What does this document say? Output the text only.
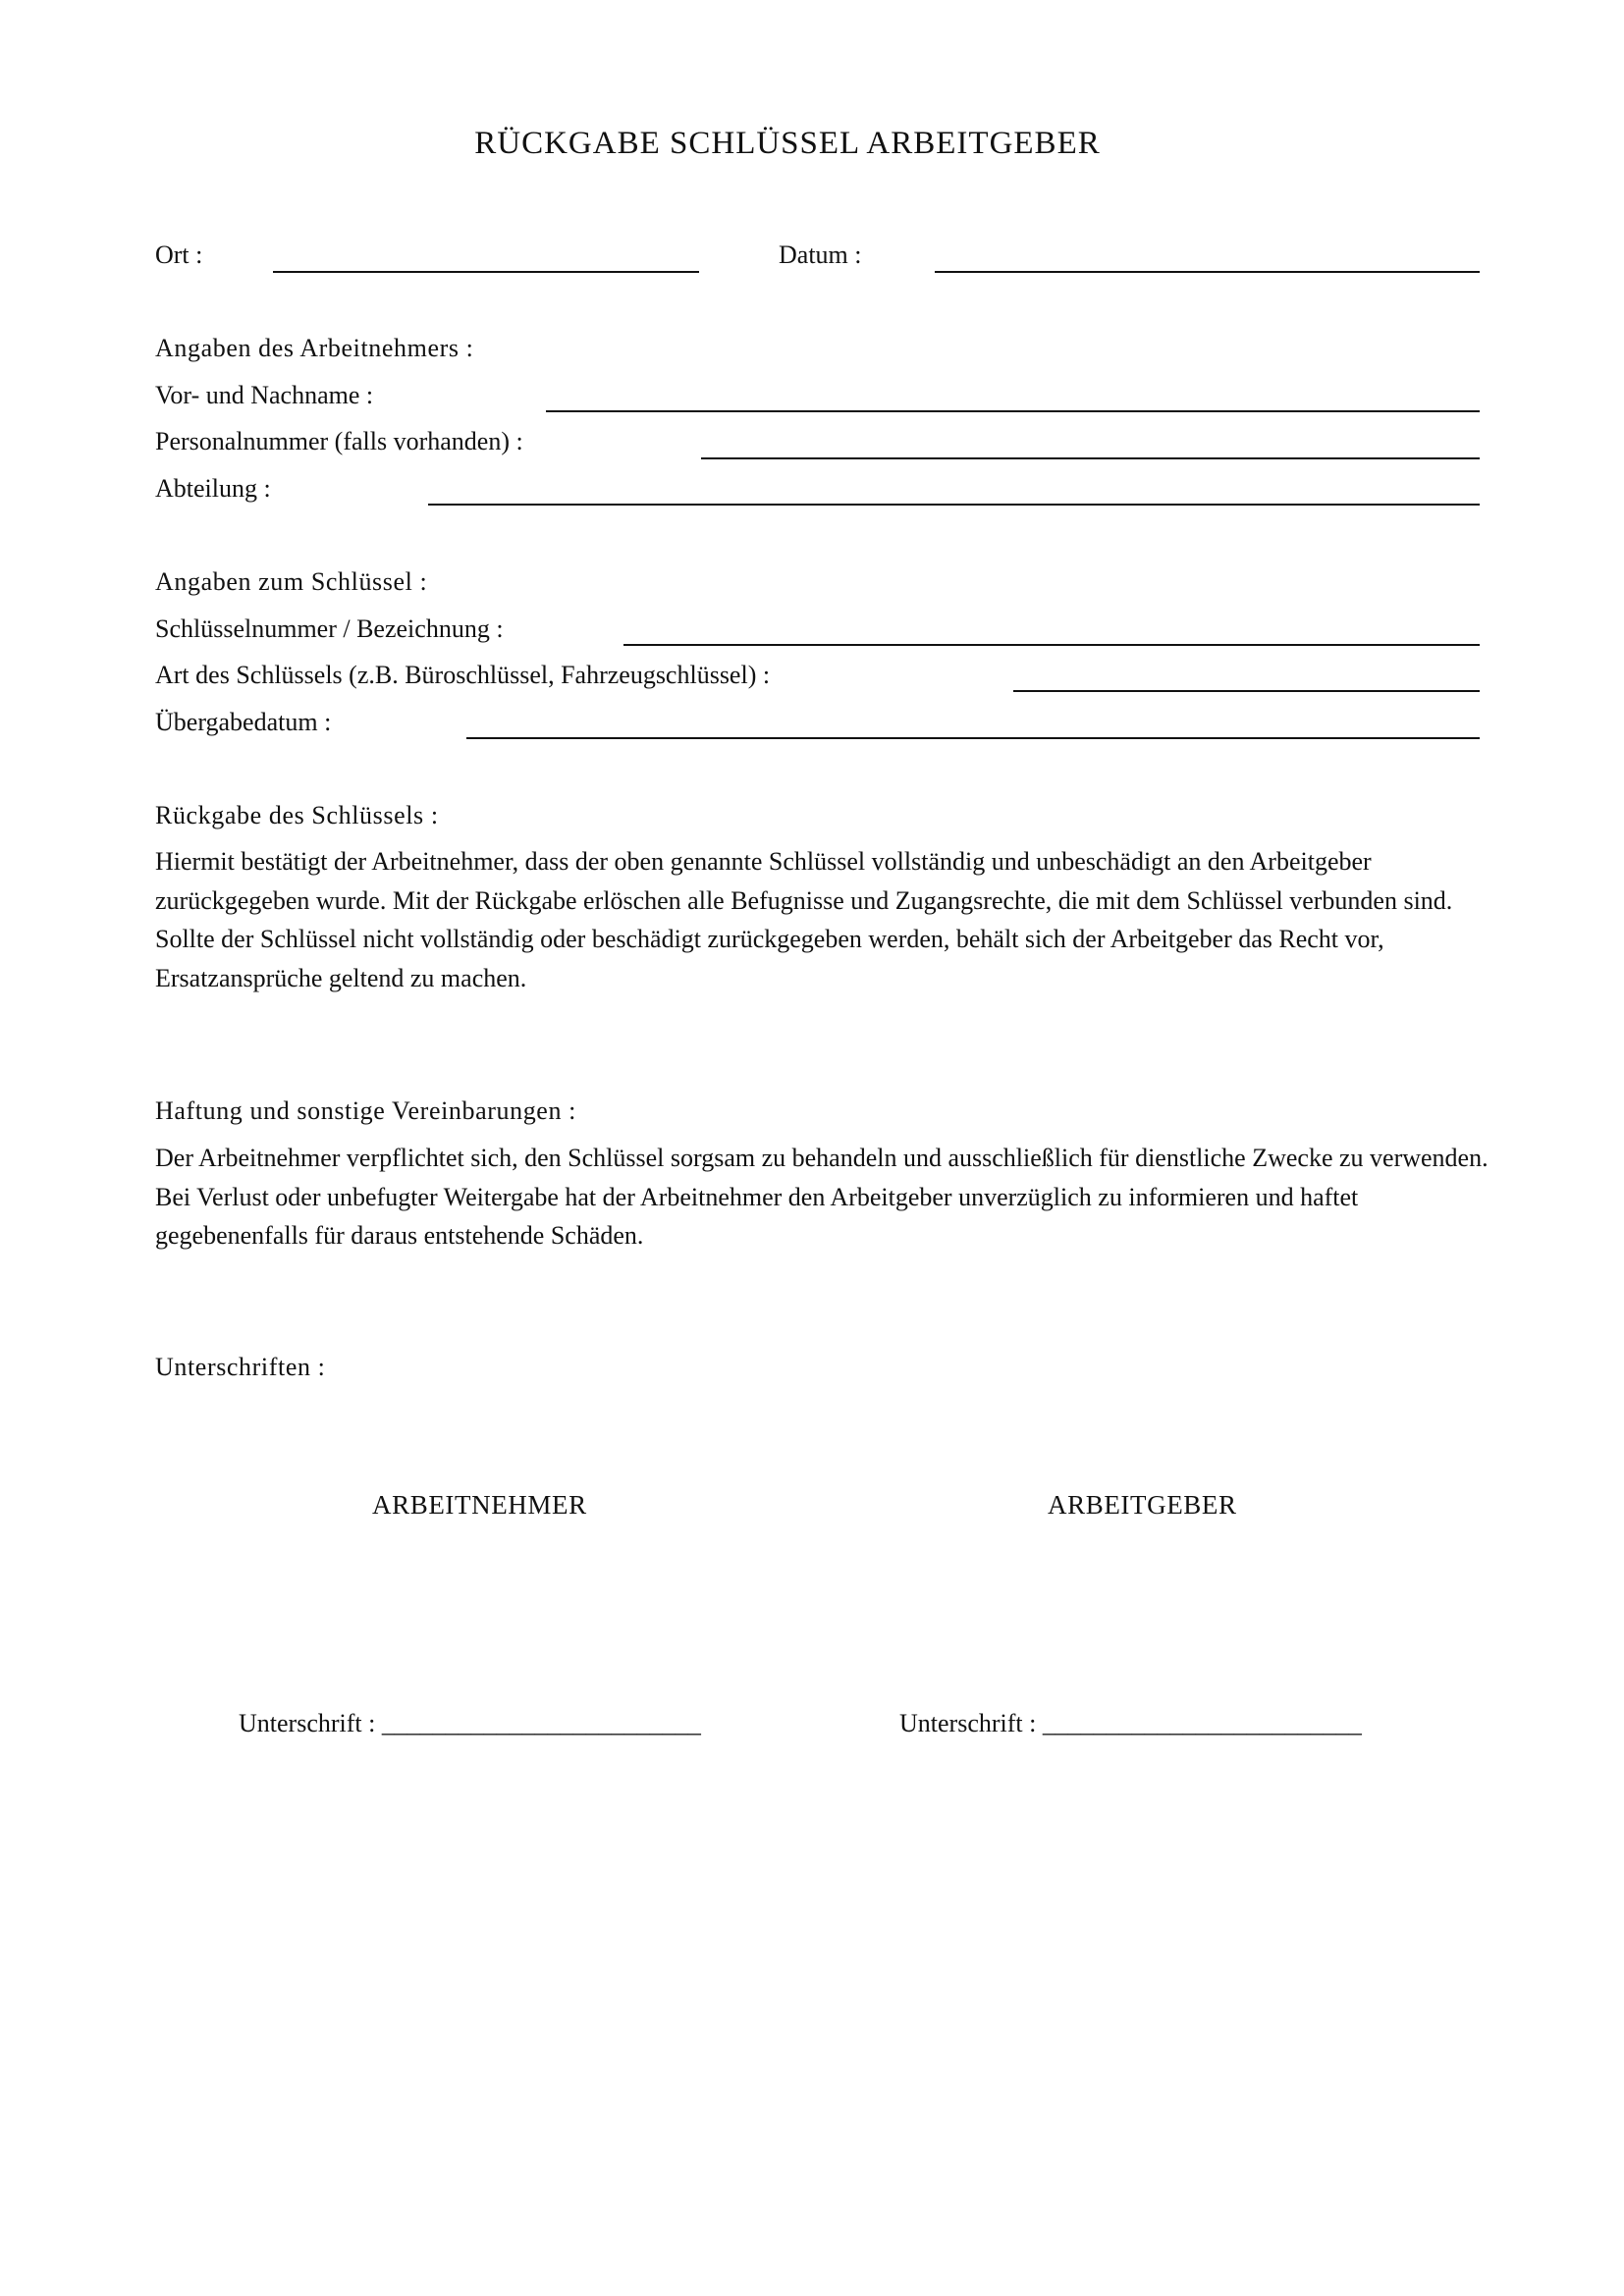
RÜCKGABE SCHLÜSSEL ARBEITGEBER
Ort :	Datum :
Angaben des Arbeitnehmers :
Vor- und Nachname :
Personalnummer (falls vorhanden) :
Abteilung :
Angaben zum Schlüssel :
Schlüsselnummer / Bezeichnung :
Art des Schlüssels (z.B. Büroschlüssel, Fahrzeugschlüssel) :
Übergabedatum :
Rückgabe des Schlüssels :
Hiermit bestätigt der Arbeitnehmer, dass der oben genannte Schlüssel vollständig und unbeschädigt an den Arbeitgeber zurückgegeben wurde. Mit der Rückgabe erlöschen alle Befugnisse und Zugangsrechte, die mit dem Schlüssel verbunden sind. Sollte der Schlüssel nicht vollständig oder beschädigt zurückgegeben werden, behält sich der Arbeitgeber das Recht vor, Ersatzansprüche geltend zu machen.
Haftung und sonstige Vereinbarungen :
Der Arbeitnehmer verpflichtet sich, den Schlüssel sorgsam zu behandeln und ausschließlich für dienstliche Zwecke zu verwenden. Bei Verlust oder unbefugter Weitergabe hat der Arbeitnehmer den Arbeitgeber unverzüglich zu informieren und haftet gegebenenfalls für daraus entstehende Schäden.
Unterschriften :
ARBEITNEHMER	ARBEITGEBER
Unterschrift : _________________________	Unterschrift : _________________________
